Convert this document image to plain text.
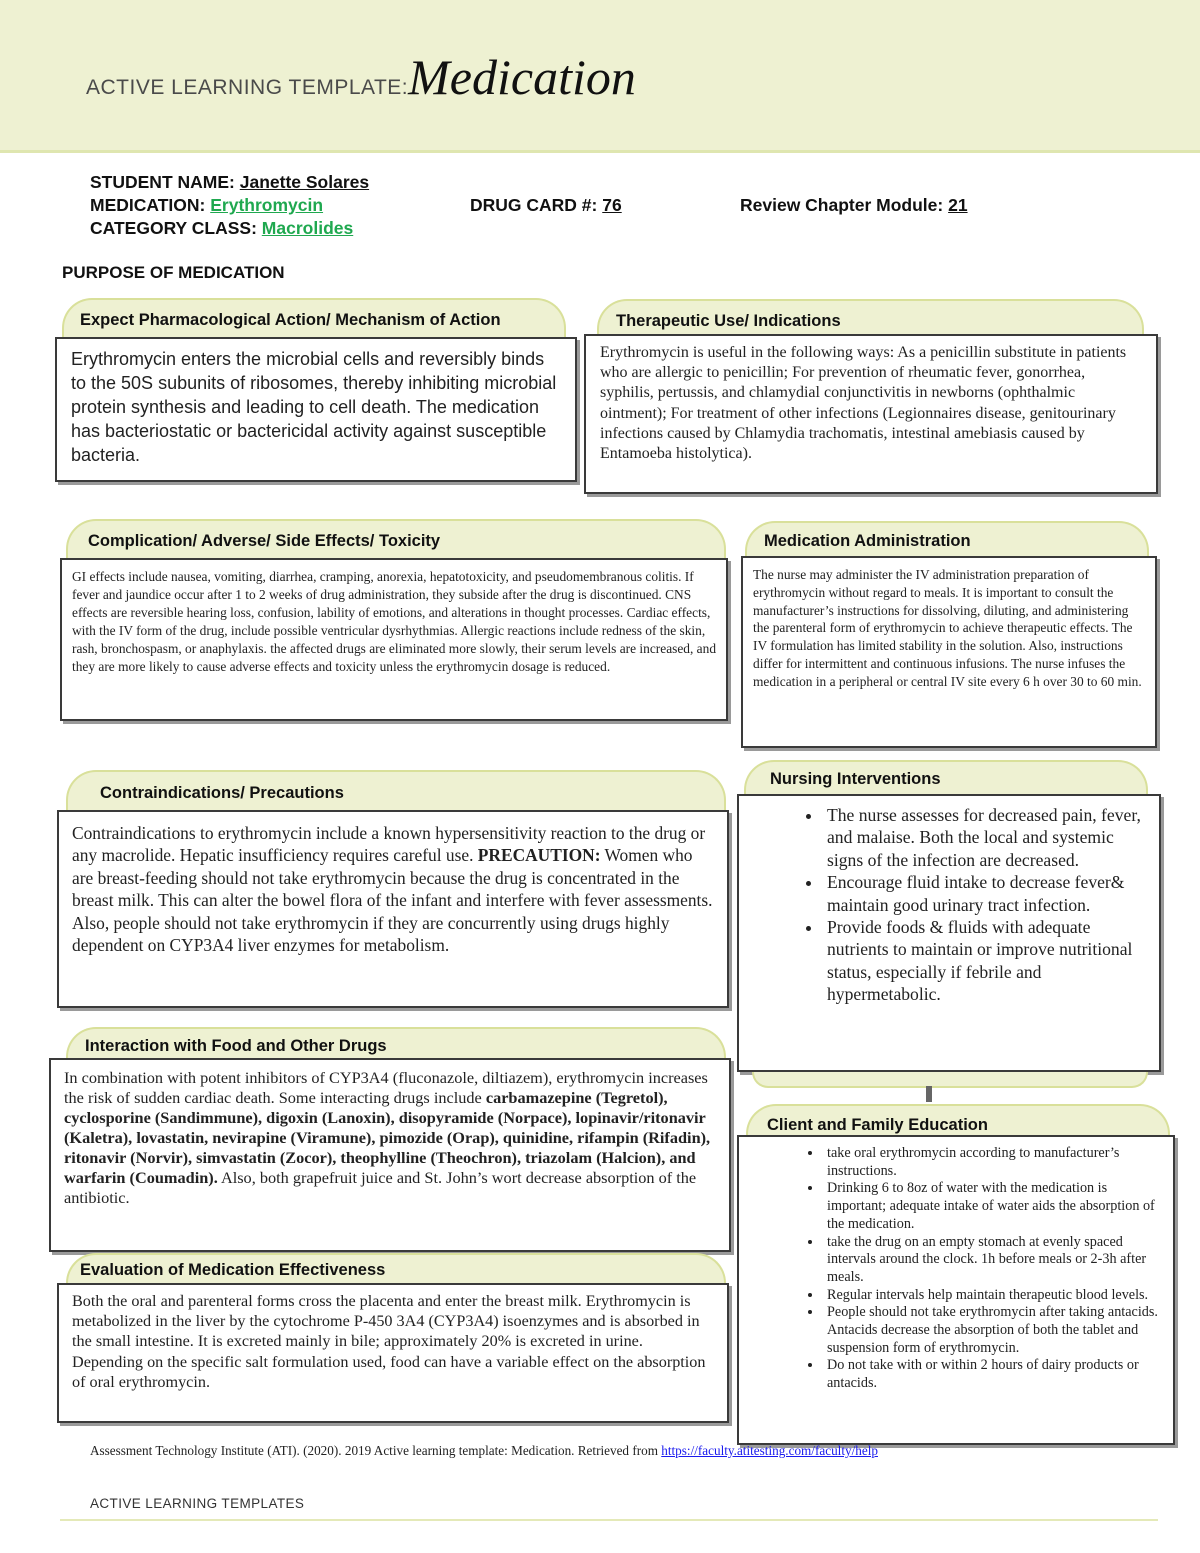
ACTIVE LEARNING TEMPLATE:Medication
STUDENT NAME: Janette Solares
MEDICATION: Erythromycin	DRUG CARD #: 76	Review Chapter Module: 21
CATEGORY CLASS: Macrolides
PURPOSE OF MEDICATION
Expect Pharmacological Action/ Mechanism of Action
Erythromycin enters the microbial cells and reversibly binds to the 50S subunits of ribosomes, thereby inhibiting microbial protein synthesis and leading to cell death. The medication has bacteriostatic or bactericidal activity against susceptible bacteria.
Therapeutic Use/ Indications
Erythromycin is useful in the following ways: As a penicillin substitute in patients who are allergic to penicillin; For prevention of rheumatic fever, gonorrhea, syphilis, pertussis, and chlamydial conjunctivitis in newborns (ophthalmic ointment); For treatment of other infections (Legionnaires disease, genitourinary infections caused by Chlamydia trachomatis, intestinal amebiasis caused by Entamoeba histolytica).
Complication/ Adverse/ Side Effects/ Toxicity
GI effects include nausea, vomiting, diarrhea, cramping, anorexia, hepatotoxicity, and pseudomembranous colitis. If fever and jaundice occur after 1 to 2 weeks of drug administration, they subside after the drug is discontinued. CNS effects are reversible hearing loss, confusion, lability of emotions, and alterations in thought processes. Cardiac effects, with the IV form of the drug, include possible ventricular dysrhythmias. Allergic reactions include redness of the skin, rash, bronchospasm, or anaphylaxis. the affected drugs are eliminated more slowly, their serum levels are increased, and they are more likely to cause adverse effects and toxicity unless the erythromycin dosage is reduced.
Medication Administration
The nurse may administer the IV administration preparation of erythromycin without regard to meals. It is important to consult the manufacturer’s instructions for dissolving, diluting, and administering the parenteral form of erythromycin to achieve therapeutic effects. The IV formulation has limited stability in the solution. Also, instructions differ for intermittent and continuous infusions. The nurse infuses the medication in a peripheral or central IV site every 6 h over 30 to 60 min.
Contraindications/ Precautions
Contraindications to erythromycin include a known hypersensitivity reaction to the drug or any macrolide. Hepatic insufficiency requires careful use. PRECAUTION: Women who are breast-feeding should not take erythromycin because the drug is concentrated in the breast milk. This can alter the bowel flora of the infant and interfere with fever assessments. Also, people should not take erythromycin if they are concurrently using drugs highly dependent on CYP3A4 liver enzymes for metabolism.
Nursing Interventions
• The nurse assesses for decreased pain, fever, and malaise. Both the local and systemic signs of the infection are decreased.
• Encourage fluid intake to decrease fever& maintain good urinary tract infection.
• Provide foods & fluids with adequate nutrients to maintain or improve nutritional status, especially if febrile and hypermetabolic.
Interaction with Food and Other Drugs
In combination with potent inhibitors of CYP3A4 (fluconazole, diltiazem), erythromycin increases the risk of sudden cardiac death. Some interacting drugs include carbamazepine (Tegretol), cyclosporine (Sandimmune), digoxin (Lanoxin), disopyramide (Norpace), lopinavir/ritonavir (Kaletra), lovastatin, nevirapine (Viramune), pimozide (Orap), quinidine, rifampin (Rifadin), ritonavir (Norvir), simvastatin (Zocor), theophylline (Theochron), triazolam (Halcion), and warfarin (Coumadin). Also, both grapefruit juice and St. John’s wort decrease absorption of the antibiotic.
Client and Family Education
• take oral erythromycin according to manufacturer’s instructions.
• Drinking 6 to 8oz of water with the medication is important; adequate intake of water aids the absorption of the medication.
• take the drug on an empty stomach at evenly spaced intervals around the clock. 1h before meals or 2-3h after meals.
• Regular intervals help maintain therapeutic blood levels.
• People should not take erythromycin after taking antacids. Antacids decrease the absorption of both the tablet and suspension form of erythromycin.
• Do not take with or within 2 hours of dairy products or antacids.
Evaluation of Medication Effectiveness
Both the oral and parenteral forms cross the placenta and enter the breast milk. Erythromycin is metabolized in the liver by the cytochrome P-450 3A4 (CYP3A4) isoenzymes and is absorbed in the small intestine. It is excreted mainly in bile; approximately 20% is excreted in urine. Depending on the specific salt formulation used, food can have a variable effect on the absorption of oral erythromycin.
Assessment Technology Institute (ATI). (2020). 2019 Active learning template: Medication. Retrieved from https://faculty.atitesting.com/faculty/help
ACTIVE LEARNING TEMPLATES
